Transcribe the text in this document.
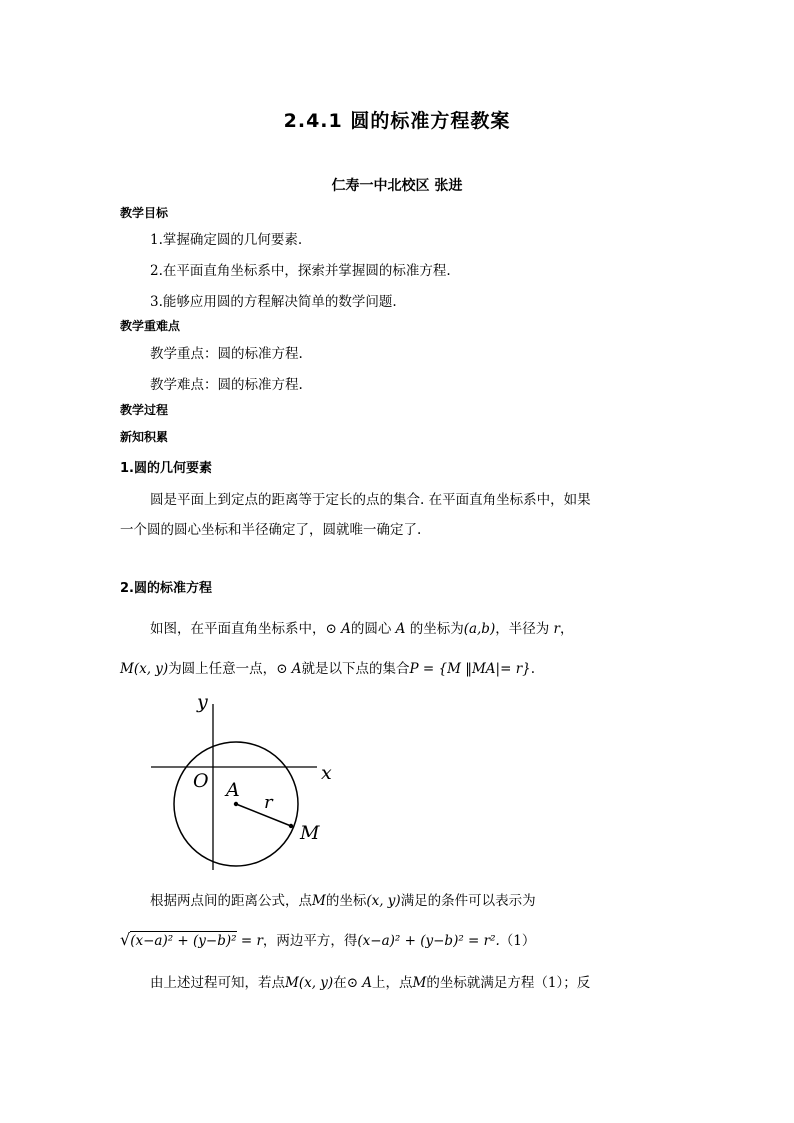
2.4.1 圆的标准方程教案
仁寿一中北校区 张进
教学目标
1.掌握确定圆的几何要素.
2.在平面直角坐标系中，探索并掌握圆的标准方程.
3.能够应用圆的方程解决简单的数学问题.
教学重难点
教学重点：圆的标准方程.
教学难点：圆的标准方程.
教学过程
新知积累
1.圆的几何要素
圆是平面上到定点的距离等于定长的点的集合. 在平面直角坐标系中，如果
一个圆的圆心坐标和半径确定了，圆就唯一确定了.
2.圆的标准方程
如图，在平面直角坐标系中，⊙ A的圆心 A 的坐标为(a,b)，半径为 r，
M(x, y)为圆上任意一点，⊙ A就是以下点的集合P = {M ‖MA|= r}.
y
x
O A
r
M
根据两点间的距离公式，点M的坐标(x, y)满足的条件可以表示为
√(x−a)² + (y−b)² = r，两边平方，得(x−a)² + (y−b)² = r².（1）
由上述过程可知，若点M(x, y)在⊙ A上，点M的坐标就满足方程（1）；反
